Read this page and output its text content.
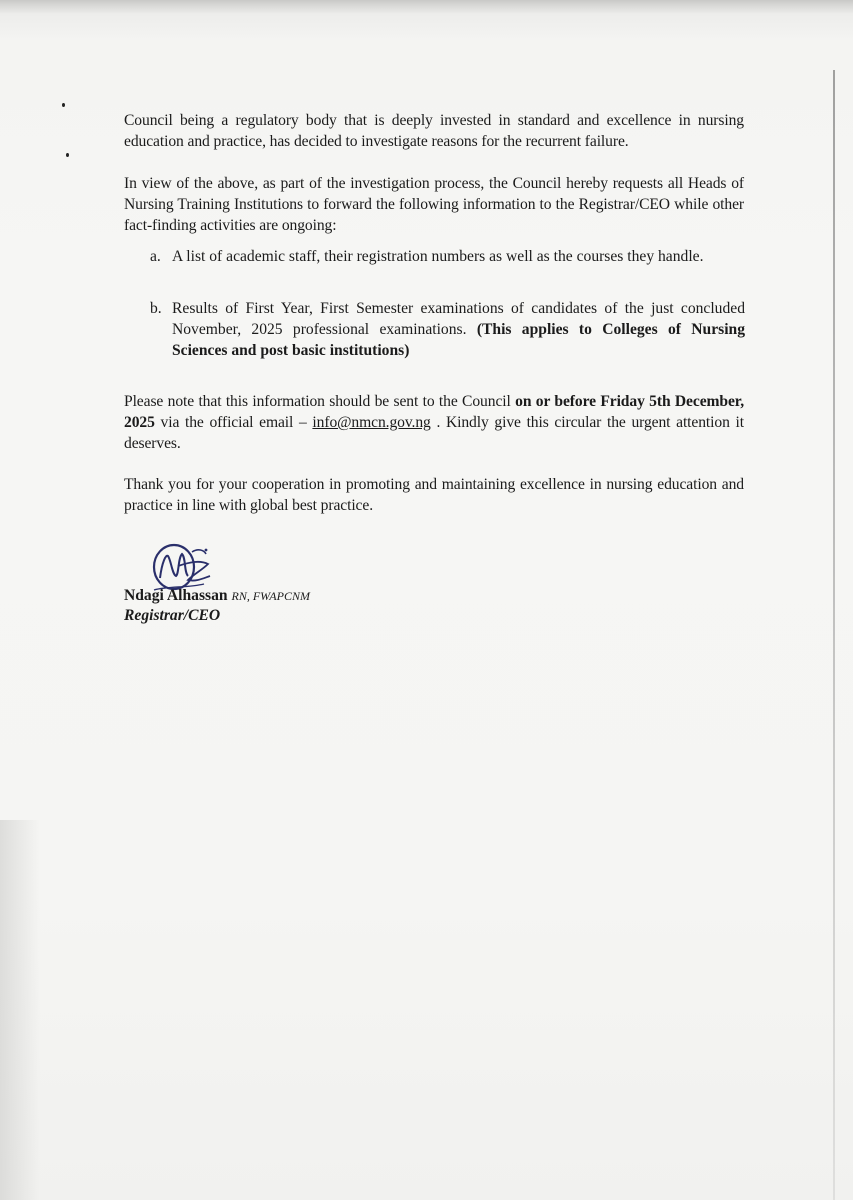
Council being a regulatory body that is deeply invested in standard and excellence in nursing education and practice, has decided to investigate reasons for the recurrent failure.

In view of the above, as part of the investigation process, the Council hereby requests all Heads of Nursing Training Institutions to forward the following information to the Registrar/CEO while other fact-finding activities are ongoing:

a. A list of academic staff, their registration numbers as well as the courses they handle.
b. Results of First Year, First Semester examinations of candidates of the just concluded November, 2025 professional examinations. (This applies to Colleges of Nursing Sciences and post basic institutions)

Please note that this information should be sent to the Council on or before Friday 5th December, 2025 via the official email – info@nmcn.gov.ng . Kindly give this circular the urgent attention it deserves.

Thank you for your cooperation in promoting and maintaining excellence in nursing education and practice in line with global best practice.

Ndagi Alhassan RN, FWAPCNM
Registrar/CEO
